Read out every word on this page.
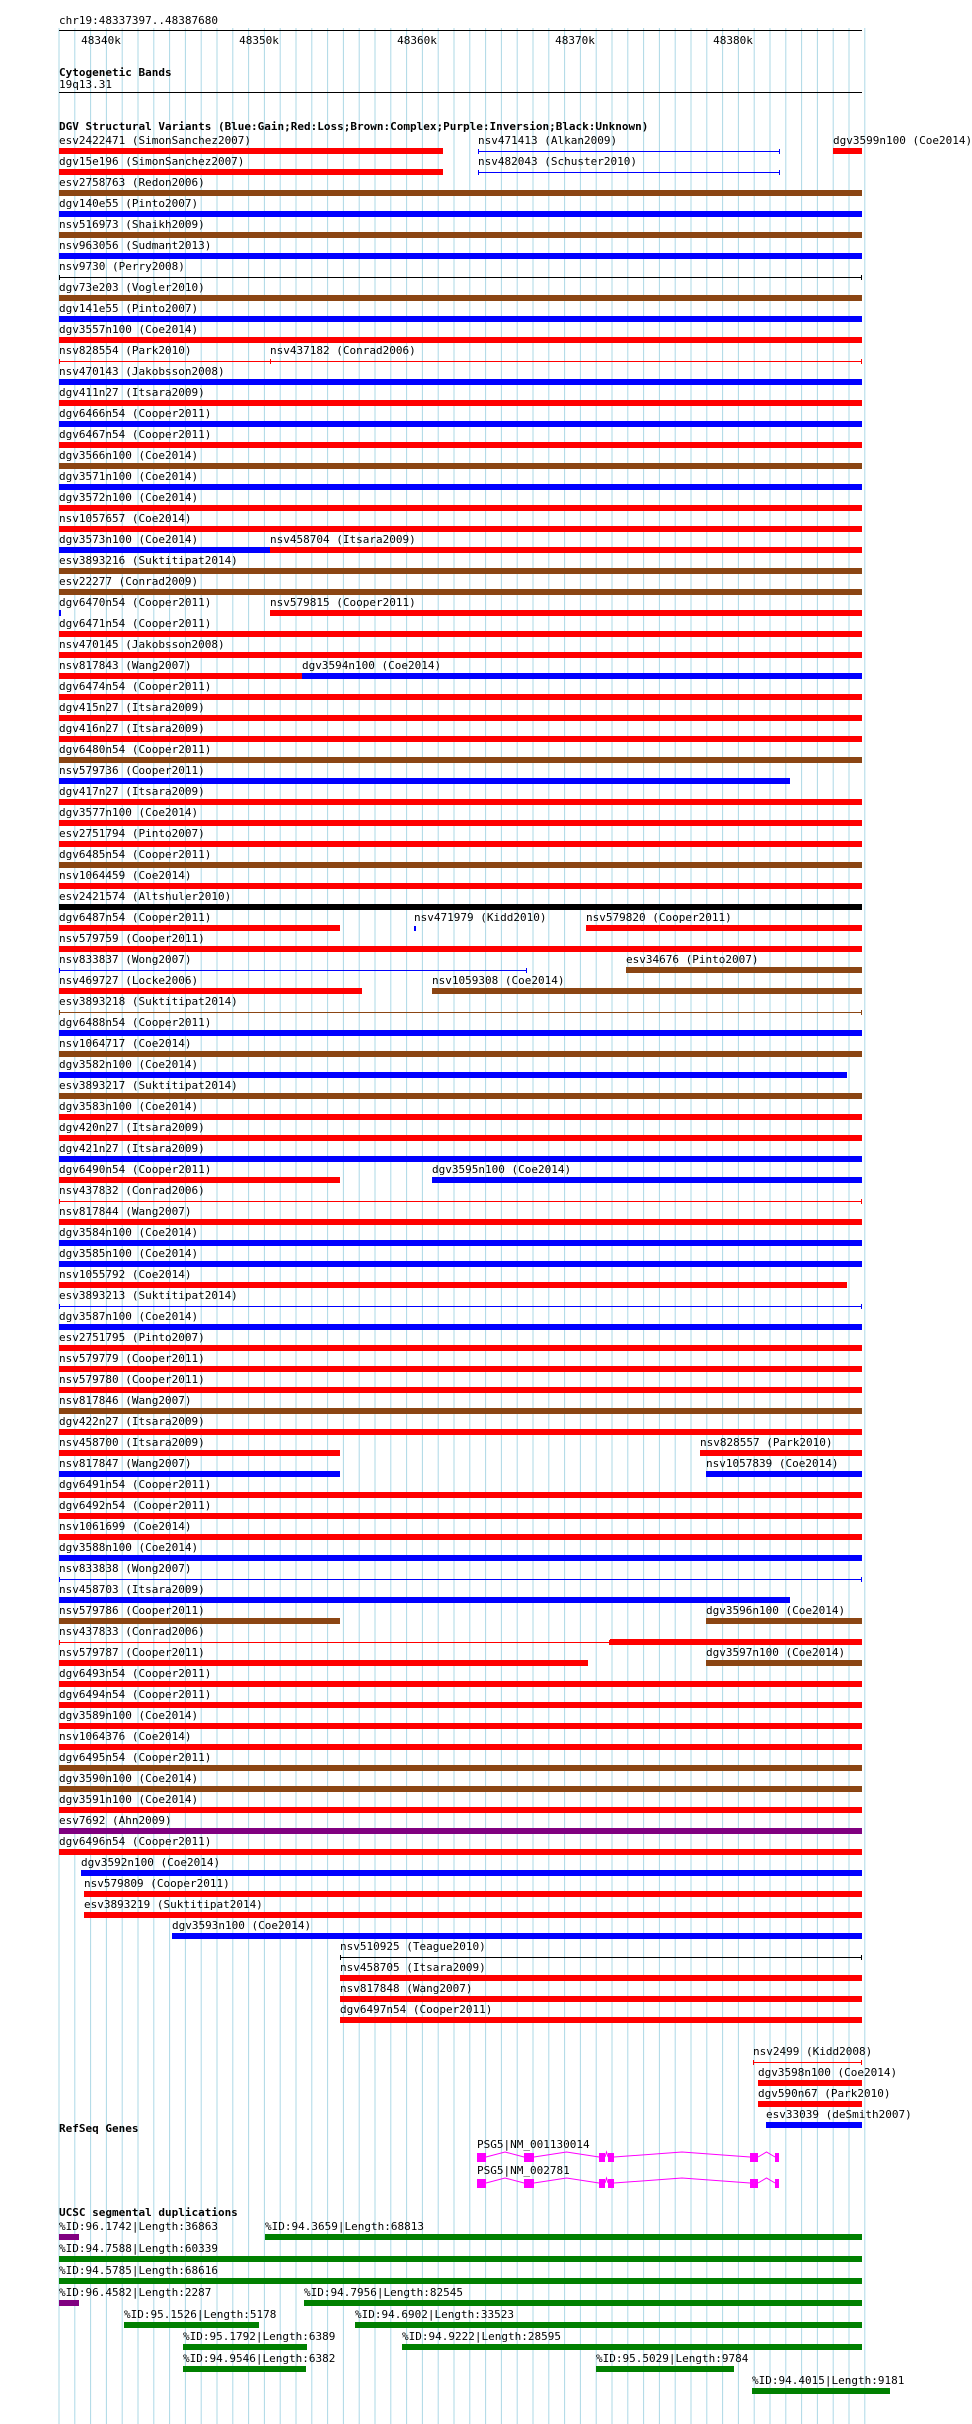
chr19:48337397..48387680
48340k	48350k	48360k	48370k	48380k
Cytogenetic Bands
19q13.31
DGV Structural Variants (Blue:Gain;Red:Loss;Brown:Complex;Purple:Inversion;Black:Unknown)
esv2422471 (SimonSanchez2007)	nsv471413 (Alkan2009)	dgv3599n100 (Coe2014)
dgv15e196 (SimonSanchez2007)	nsv482043 (Schuster2010)
esv2758763 (Redon2006)
dgv140e55 (Pinto2007)
nsv516973 (Shaikh2009)
nsv963056 (Sudmant2013)
nsv9730 (Perry2008)
dgv73e203 (Vogler2010)
dgv141e55 (Pinto2007)
dgv3557n100 (Coe2014)
nsv828554 (Park2010)	nsv437182 (Conrad2006)
nsv470143 (Jakobsson2008)
dgv411n27 (Itsara2009)
dgv6466n54 (Cooper2011)
dgv6467n54 (Cooper2011)
dgv3566n100 (Coe2014)
dgv3571n100 (Coe2014)
dgv3572n100 (Coe2014)
nsv1057657 (Coe2014)
dgv3573n100 (Coe2014)	nsv458704 (Itsara2009)
esv3893216 (Suktitipat2014)
esv22277 (Conrad2009)
dgv6470n54 (Cooper2011)	nsv579815 (Cooper2011)
dgv6471n54 (Cooper2011)
nsv470145 (Jakobsson2008)
nsv817843 (Wang2007)	dgv3594n100 (Coe2014)
dgv6474n54 (Cooper2011)
dgv415n27 (Itsara2009)
dgv416n27 (Itsara2009)
dgv6480n54 (Cooper2011)
nsv579736 (Cooper2011)
dgv417n27 (Itsara2009)
dgv3577n100 (Coe2014)
esv2751794 (Pinto2007)
dgv6485n54 (Cooper2011)
nsv1064459 (Coe2014)
esv2421574 (Altshuler2010)
dgv6487n54 (Cooper2011)	nsv471979 (Kidd2010)	nsv579820 (Cooper2011)
nsv579759 (Cooper2011)
nsv833837 (Wong2007)	esv34676 (Pinto2007)
nsv469727 (Locke2006)	nsv1059308 (Coe2014)
esv3893218 (Suktitipat2014)
dgv6488n54 (Cooper2011)
nsv1064717 (Coe2014)
dgv3582n100 (Coe2014)
esv3893217 (Suktitipat2014)
dgv3583n100 (Coe2014)
dgv420n27 (Itsara2009)
dgv421n27 (Itsara2009)
dgv6490n54 (Cooper2011)	dgv3595n100 (Coe2014)
nsv437832 (Conrad2006)
nsv817844 (Wang2007)
dgv3584n100 (Coe2014)
dgv3585n100 (Coe2014)
nsv1055792 (Coe2014)
esv3893213 (Suktitipat2014)
dgv3587n100 (Coe2014)
esv2751795 (Pinto2007)
nsv579779 (Cooper2011)
nsv579780 (Cooper2011)
nsv817846 (Wang2007)
dgv422n27 (Itsara2009)
nsv458700 (Itsara2009)	nsv828557 (Park2010)
nsv817847 (Wang2007)	nsv1057839 (Coe2014)
dgv6491n54 (Cooper2011)
dgv6492n54 (Cooper2011)
nsv1061699 (Coe2014)
dgv3588n100 (Coe2014)
nsv833838 (Wong2007)
nsv458703 (Itsara2009)
nsv579786 (Cooper2011)	dgv3596n100 (Coe2014)
nsv437833 (Conrad2006)
nsv579787 (Cooper2011)	dgv3597n100 (Coe2014)
dgv6493n54 (Cooper2011)
dgv6494n54 (Cooper2011)
dgv3589n100 (Coe2014)
nsv1064376 (Coe2014)
dgv6495n54 (Cooper2011)
dgv3590n100 (Coe2014)
dgv3591n100 (Coe2014)
esv7692 (Ahn2009)
dgv6496n54 (Cooper2011)
dgv3592n100 (Coe2014)
nsv579809 (Cooper2011)
esv3893219 (Suktitipat2014)
dgv3593n100 (Coe2014)
nsv510925 (Teague2010)
nsv458705 (Itsara2009)
nsv817848 (Wang2007)
dgv6497n54 (Cooper2011)
nsv2499 (Kidd2008)
dgv3598n100 (Coe2014)
dgv590n67 (Park2010)
esv33039 (deSmith2007)
RefSeq Genes
PSG5|NM_001130014
PSG5|NM_002781
UCSC segmental duplications
%ID:96.1742|Length:36863	%ID:94.3659|Length:68813
%ID:94.7588|Length:60339
%ID:94.5785|Length:68616
%ID:96.4582|Length:2287	%ID:94.7956|Length:82545
%ID:95.1526|Length:5178	%ID:94.6902|Length:33523
%ID:95.1792|Length:6389	%ID:94.9222|Length:28595
%ID:94.9546|Length:6382	%ID:95.5029|Length:9784
%ID:94.4015|Length:9181
